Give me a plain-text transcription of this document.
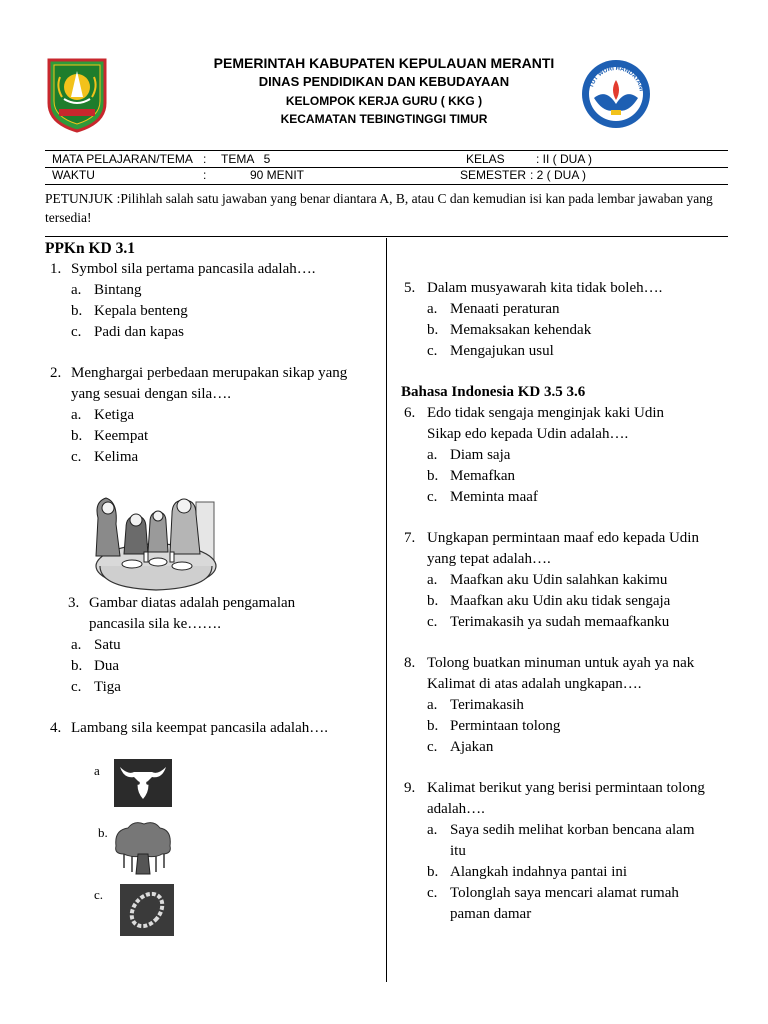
PEMERINTAH KABUPATEN KEPULAUAN MERANTI
DINAS PENDIDIKAN DAN KEBUDAYAAN
KELOMPOK KERJA GURU ( KKG )
KECAMATAN TEBINGTINGGI TIMUR
TUT WURI HANDAYANI
MATA PELAJARAN/TEMA : TEMA   5	KELAS	: II ( DUA )
WAKTU	:	90 MENIT	SEMESTER : 2 ( DUA )
PETUNJUK :Pilihlah salah satu jawaban yang benar diantara A, B, atau C dan kemudian isi kan pada lembar jawaban yang tersedia!
PPKn KD 3.1
1. Symbol sila pertama pancasila adalah….
a. Bintang
b. Kepala benteng
c. Padi dan kapas
2. Menghargai perbedaan merupakan sikap yang
yang sesuai dengan sila….
a. Ketiga
b. Keempat
c. Kelima
3. Gambar diatas adalah pengamalan
pancasila sila ke…….
a. Satu
b. Dua
c. Tiga
4. Lambang sila keempat pancasila adalah….
a
b.
c.
5. Dalam musyawarah kita tidak boleh….
a. Menaati peraturan
b. Memaksakan kehendak
c. Mengajukan usul
Bahasa Indonesia KD 3.5 3.6
6. Edo tidak sengaja menginjak kaki Udin
Sikap edo kepada Udin adalah….
a. Diam saja
b. Memafkan
c. Meminta maaf
7. Ungkapan permintaan maaf edo kepada Udin
yang tepat adalah….
a. Maafkan aku Udin salahkan kakimu
b. Maafkan aku Udin aku tidak sengaja
c. Terimakasih ya sudah memaafkanku
8. Tolong buatkan minuman untuk ayah ya nak
Kalimat di atas adalah ungkapan….
a. Terimakasih
b. Permintaan tolong
c. Ajakan
9. Kalimat berikut yang berisi permintaan tolong
adalah….
a. Saya sedih melihat korban bencana alam
itu
b. Alangkah indahnya pantai ini
c. Tolonglah saya mencari alamat rumah
paman damar
